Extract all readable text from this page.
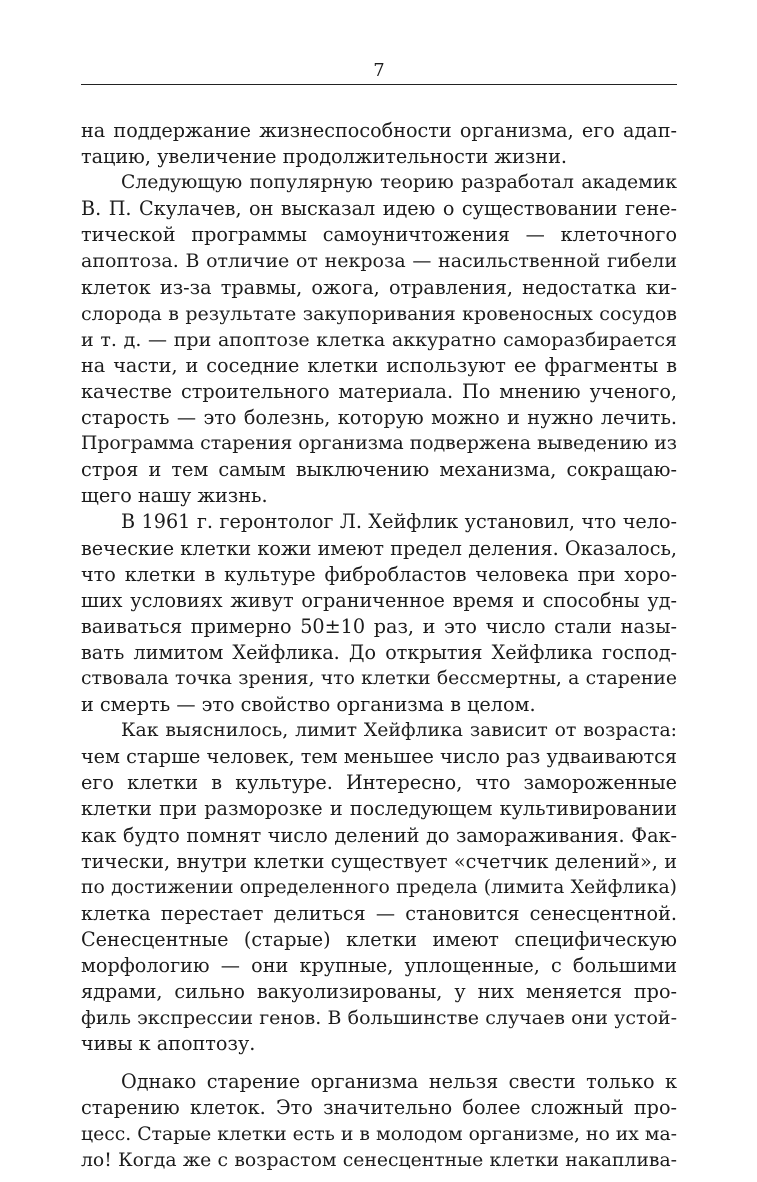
7
на поддержание жизнеспособности организма, его адап-
тацию, увеличение продолжительности жизни.
Следующую популярную теорию разработал академик
В. П. Скулачев, он высказал идею о существовании гене-
тической программы самоуничтожения — клеточного
апоптоза. В отличие от некроза — насильственной гибели
клеток из-за травмы, ожога, отравления, недостатка ки-
слорода в результате закупоривания кровеносных сосудов
и т. д. — при апоптозе клетка аккуратно саморазбирается
на части, и соседние клетки используют ее фрагменты в
качестве строительного материала. По мнению ученого,
старость — это болезнь, которую можно и нужно лечить.
Программа старения организма подвержена выведению из
строя и тем самым выключению механизма, сокращаю-
щего нашу жизнь.
В 1961 г. геронтолог Л. Хейфлик установил, что чело-
веческие клетки кожи имеют предел деления. Оказалось,
что клетки в культуре фибробластов человека при хоро-
ших условиях живут ограниченное время и способны уд-
ваиваться примерно 50±10 раз, и это число стали назы-
вать лимитом Хейфлика. До открытия Хейфлика господ-
ствовала точка зрения, что клетки бессмертны, а старение
и смерть — это свойство организма в целом.
Как выяснилось, лимит Хейфлика зависит от возраста:
чем старше человек, тем меньшее число раз удваиваются
его клетки в культуре. Интересно, что замороженные
клетки при разморозке и последующем культивировании
как будто помнят число делений до замораживания. Фак-
тически, внутри клетки существует «счетчик делений», и
по достижении определенного предела (лимита Хейфлика)
клетка перестает делиться — становится сенесцентной.
Сенесцентные (старые) клетки имеют специфическую
морфологию — они крупные, уплощенные, с большими
ядрами, сильно вакуолизированы, у них меняется про-
филь экспрессии генов. В большинстве случаев они устой-
чивы к апоптозу.
Однако старение организма нельзя свести только к
старению клеток. Это значительно более сложный про-
цесс. Старые клетки есть и в молодом организме, но их ма-
ло! Когда же с возрастом сенесцентные клетки накаплива-
